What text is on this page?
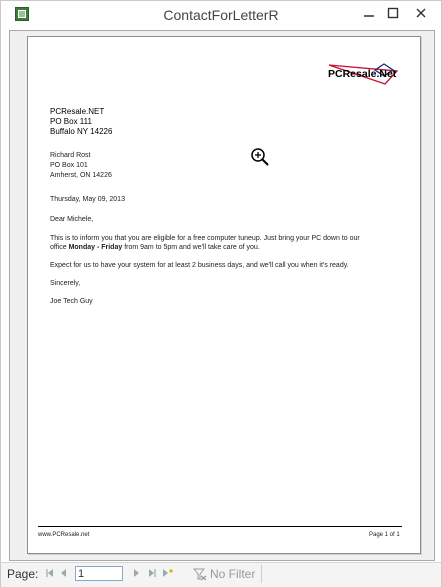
ContactForLetterR
PCResale.Net
PCResale.NET
PO Box 111
Buffalo NY 14226
Richard Rost
PO Box 101
Amherst, ON 14226
Thursday, May 09, 2013
Dear Michele,
This is to inform you that you are eligible for a free computer tuneup. Just bring your PC down to our
office Monday - Friday from 9am to 5pm and we'll take care of you.
Expect for us to have your system for at least 2 business days, and we'll call you when it's ready.
Sincerely,
Joe Tech Guy
www.PCResale.net	Page 1 of 1
Page:	1	No Filter
